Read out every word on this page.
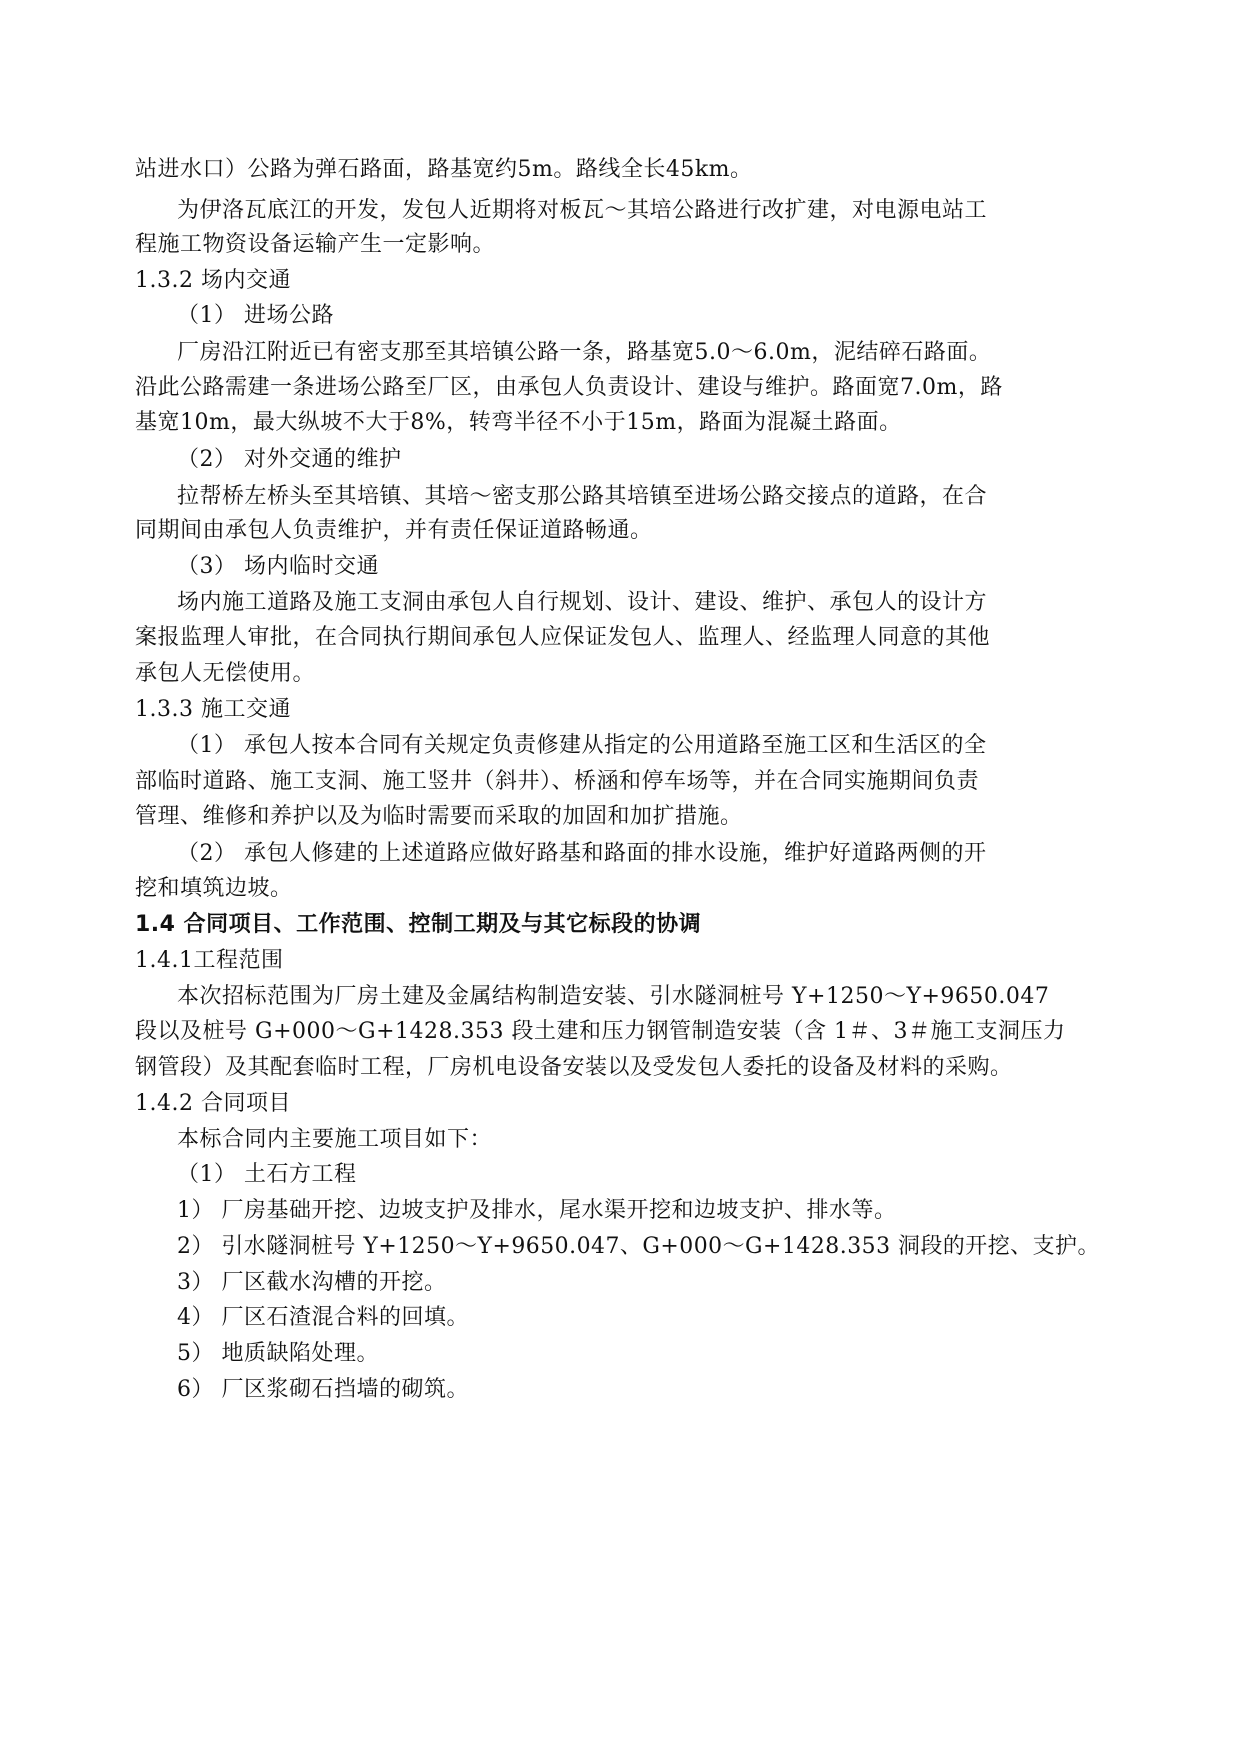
站进水口）公路为弹石路面，路基宽约5m。路线全长45km。
为伊洛瓦底江的开发，发包人近期将对板瓦～其培公路进行改扩建，对电源电站工
程施工物资设备运输产生一定影响。
1.3.2 场内交通
（1） 进场公路
厂房沿江附近已有密支那至其培镇公路一条，路基宽5.0～6.0m，泥结碎石路面。
沿此公路需建一条进场公路至厂区，由承包人负责设计、建设与维护。路面宽7.0m，路
基宽10m，最大纵坡不大于8%，转弯半径不小于15m，路面为混凝土路面。
（2） 对外交通的维护
拉帮桥左桥头至其培镇、其培～密支那公路其培镇至进场公路交接点的道路，在合
同期间由承包人负责维护，并有责任保证道路畅通。
（3） 场内临时交通
场内施工道路及施工支洞由承包人自行规划、设计、建设、维护、承包人的设计方
案报监理人审批，在合同执行期间承包人应保证发包人、监理人、经监理人同意的其他
承包人无偿使用。
1.3.3 施工交通
（1） 承包人按本合同有关规定负责修建从指定的公用道路至施工区和生活区的全
部临时道路、施工支洞、施工竖井（斜井）、桥涵和停车场等，并在合同实施期间负责
管理、维修和养护以及为临时需要而采取的加固和加扩措施。
（2） 承包人修建的上述道路应做好路基和路面的排水设施，维护好道路两侧的开
挖和填筑边坡。
1.4 合同项目、工作范围、控制工期及与其它标段的协调
1.4.1工程范围
本次招标范围为厂房土建及金属结构制造安装、引水隧洞桩号 Y+1250～Y+9650.047
段以及桩号 G+000～G+1428.353 段土建和压力钢管制造安装（含 1＃、3＃施工支洞压力
钢管段）及其配套临时工程，厂房机电设备安装以及受发包人委托的设备及材料的采购。
1.4.2 合同项目
本标合同内主要施工项目如下：
（1） 土石方工程
1） 厂房基础开挖、边坡支护及排水，尾水渠开挖和边坡支护、排水等。
2） 引水隧洞桩号 Y+1250～Y+9650.047、G+000～G+1428.353 洞段的开挖、支护。
3） 厂区截水沟槽的开挖。
4） 厂区石渣混合料的回填。
5） 地质缺陷处理。
6） 厂区浆砌石挡墙的砌筑。
